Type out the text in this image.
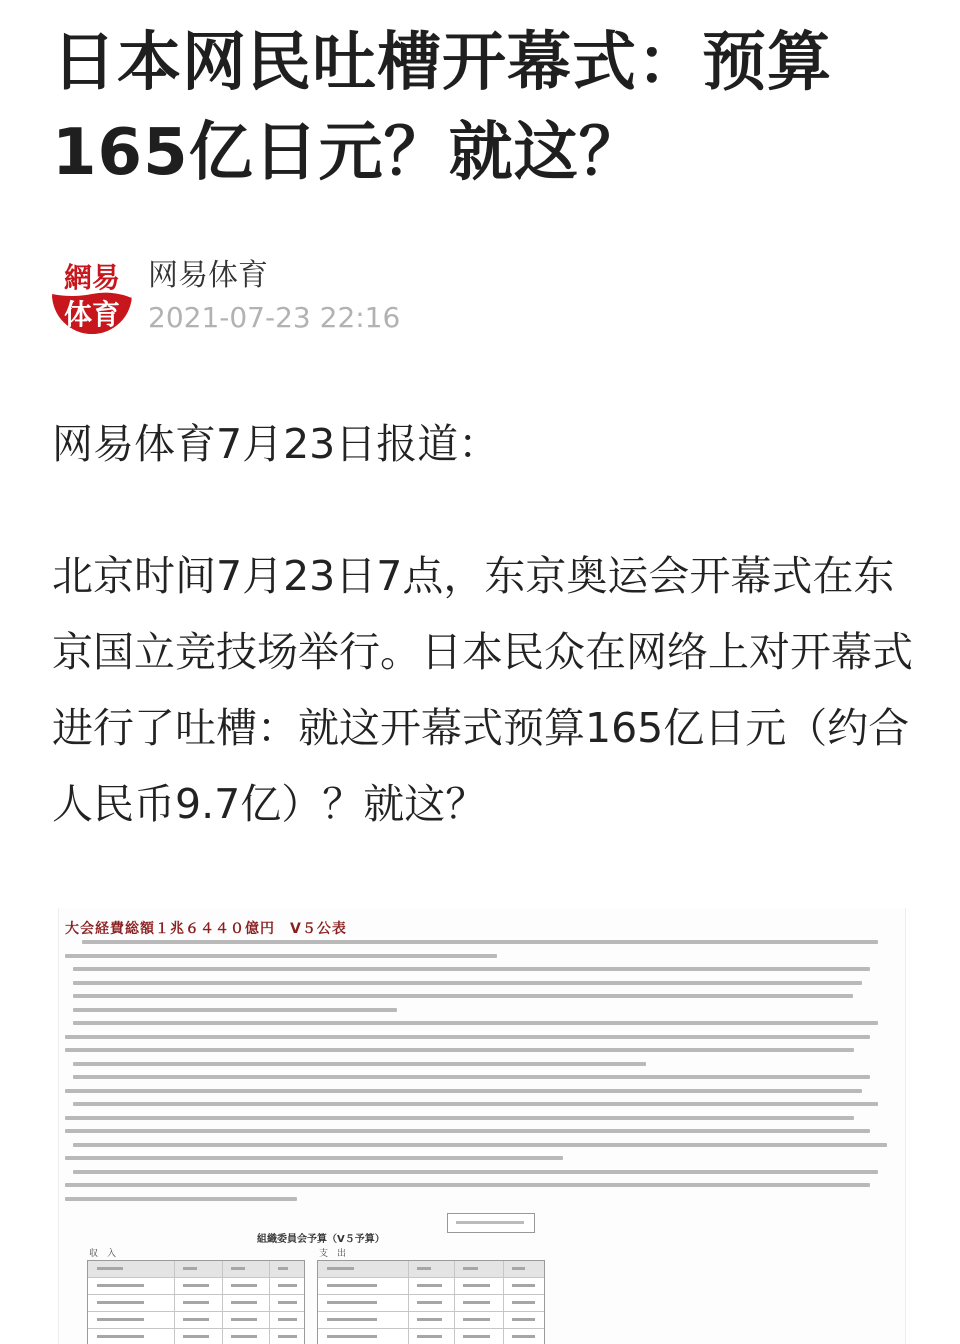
日本网民吐槽开幕式：预算165亿日元？就这？
網易
体育
网易体育
2021-07-23 22:16

网易体育7月23日报道：

北京时间7月23日7点，东京奥运会开幕式在东京国立竞技场举行。日本民众在网络上对开幕式进行了吐槽：就这开幕式预算165亿日元（约合人民币9.7亿）？就这？

大会経費総額１兆６４４０億円　V５公表
組織委員会予算（V５予算）
収　入	支　出
